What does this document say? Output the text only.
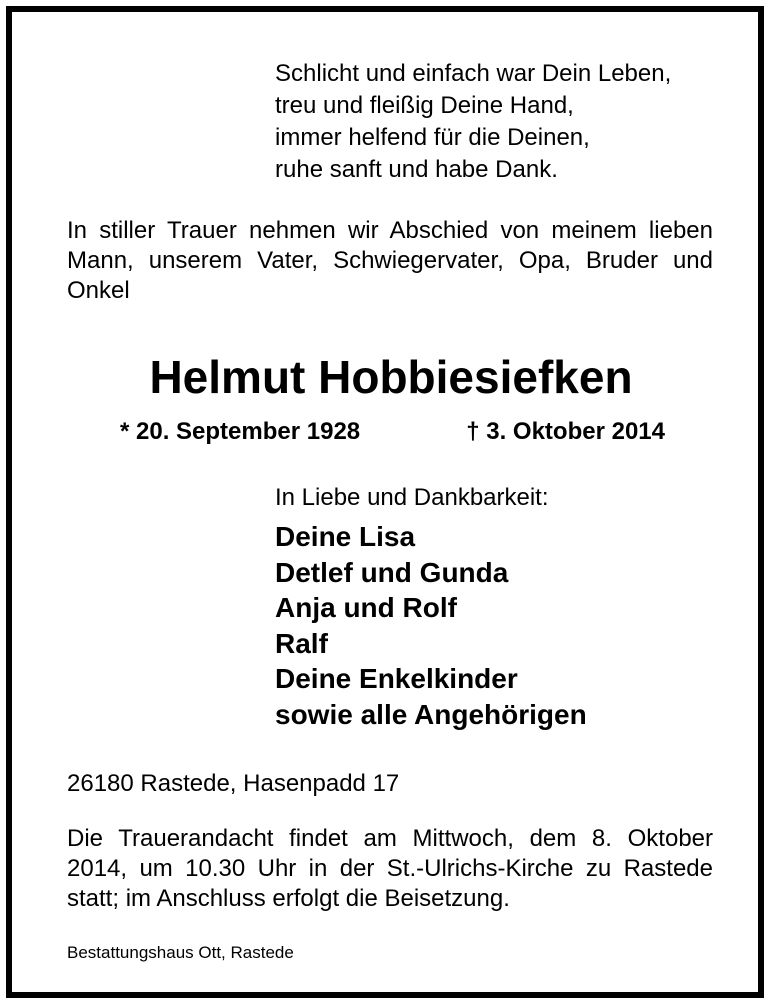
Schlicht und einfach war Dein Leben,
treu und fleißig Deine Hand,
immer helfend für die Deinen,
ruhe sanft und habe Dank.
In stiller Trauer nehmen wir Abschied von meinem lieben Mann, unserem Vater, Schwiegervater, Opa, Bruder und Onkel
Helmut Hobbiesiefken
* 20. September 1928	† 3. Oktober 2014
In Liebe und Dankbarkeit:
Deine Lisa
Detlef und Gunda
Anja und Rolf
Ralf
Deine Enkelkinder
sowie alle Angehörigen
26180 Rastede, Hasenpadd 17
Die Trauerandacht findet am Mittwoch, dem 8. Oktober 2014, um 10.30 Uhr in der St.-Ulrichs-Kirche zu Rastede statt; im Anschluss erfolgt die Beisetzung.
Bestattungshaus Ott, Rastede
